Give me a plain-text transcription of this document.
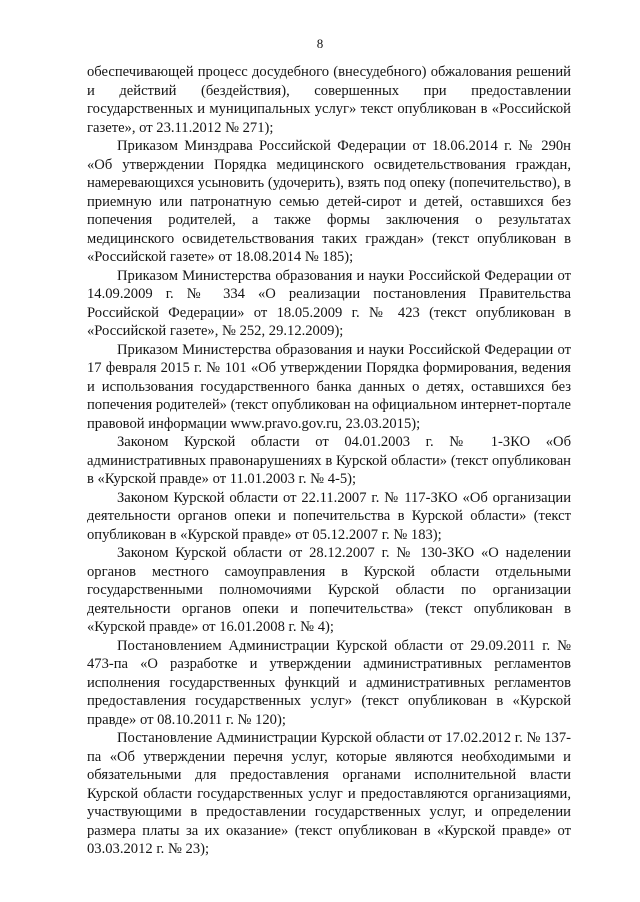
8

обеспечивающей процесс досудебного (внесудебного) обжалования решений и действий (бездействия), совершенных при предоставлении государственных и муниципальных услуг» текст опубликован в «Российской газете», от 23.11.2012 № 271);

Приказом Минздрава Российской Федерации от 18.06.2014 г. № 290н «Об утверждении Порядка медицинского освидетельствования граждан, намеревающихся усыновить (удочерить), взять под опеку (попечительство), в приемную или патронатную семью детей-сирот и детей, оставшихся без попечения родителей, а также формы заключения о результатах медицинского освидетельствования таких граждан» (текст опубликован в «Российской газете» от 18.08.2014 № 185);

Приказом Министерства образования и науки Российской Федерации от 14.09.2009 г. № 334 «О реализации постановления Правительства Российской Федерации» от 18.05.2009 г. № 423 (текст опубликован в «Российской газете», № 252, 29.12.2009);

Приказом Министерства образования и науки Российской Федерации от 17 февраля 2015 г. № 101 «Об утверждении Порядка формирования, ведения и использования государственного банка данных о детях, оставшихся без попечения родителей» (текст опубликован на официальном интернет-портале правовой информации www.pravo.gov.ru, 23.03.2015);

Законом Курской области от 04.01.2003 г. № 1-ЗКО «Об административных правонарушениях в Курской области» (текст опубликован в «Курской правде» от 11.01.2003 г. № 4-5);

Законом Курской области от 22.11.2007 г. № 117-ЗКО «Об организации деятельности органов опеки и попечительства в Курской области» (текст опубликован в «Курской правде» от 05.12.2007 г. № 183);

Законом Курской области от 28.12.2007 г. № 130-ЗКО «О наделении органов местного самоуправления в Курской области отдельными государственными полномочиями Курской области по организации деятельности органов опеки и попечительства» (текст опубликован в «Курской правде» от 16.01.2008 г. № 4);

Постановлением Администрации Курской области от 29.09.2011 г. № 473-па «О разработке и утверждении административных регламентов исполнения государственных функций и административных регламентов предоставления государственных услуг» (текст опубликован в «Курской правде» от 08.10.2011 г. № 120);

Постановление Администрации Курской области от 17.02.2012 г. № 137-па «Об утверждении перечня услуг, которые являются необходимыми и обязательными для предоставления органами исполнительной власти Курской области государственных услуг и предоставляются организациями, участвующими в предоставлении государственных услуг, и определении размера платы за их оказание» (текст опубликован в «Курской правде» от 03.03.2012 г. № 23);
